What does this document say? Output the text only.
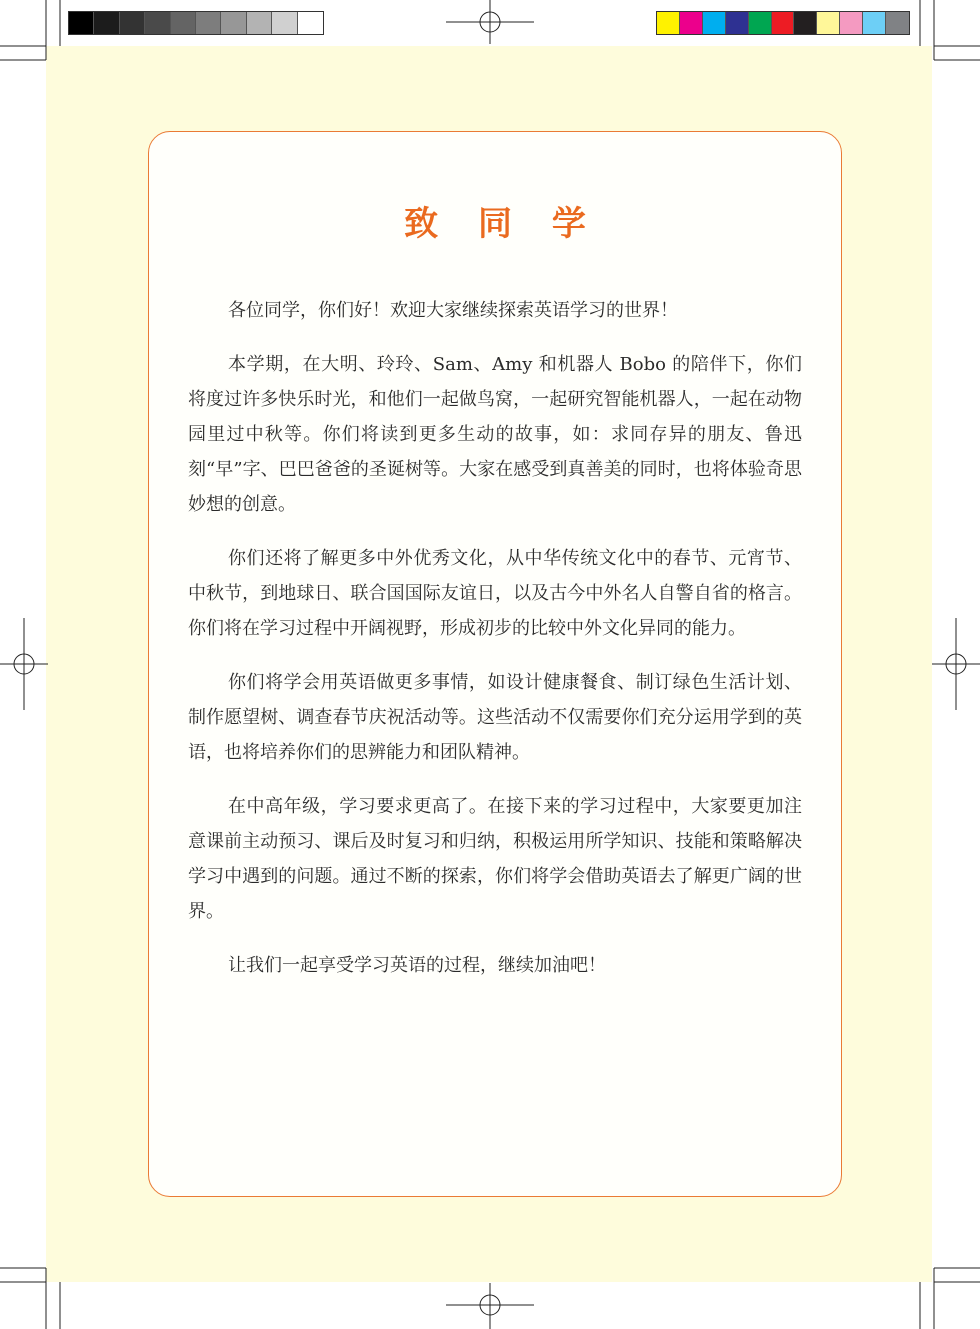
致 同 学

各位同学，你们好！欢迎大家继续探索英语学习的世界！

本学期，在大明、玲玲、Sam、Amy 和机器人 Bobo 的陪伴下，你们将度过许多快乐时光，和他们一起做鸟窝，一起研究智能机器人，一起在动物园里过中秋等。你们将读到更多生动的故事，如：求同存异的朋友、鲁迅刻“早”字、巴巴爸爸的圣诞树等。大家在感受到真善美的同时，也将体验奇思妙想的创意。

你们还将了解更多中外优秀文化，从中华传统文化中的春节、元宵节、中秋节，到地球日、联合国国际友谊日，以及古今中外名人自警自省的格言。你们将在学习过程中开阔视野，形成初步的比较中外文化异同的能力。

你们将学会用英语做更多事情，如设计健康餐食、制订绿色生活计划、制作愿望树、调查春节庆祝活动等。这些活动不仅需要你们充分运用学到的英语，也将培养你们的思辨能力和团队精神。

在中高年级，学习要求更高了。在接下来的学习过程中，大家要更加注意课前主动预习、课后及时复习和归纳，积极运用所学知识、技能和策略解决学习中遇到的问题。通过不断的探索，你们将学会借助英语去了解更广阔的世界。

让我们一起享受学习英语的过程，继续加油吧！
